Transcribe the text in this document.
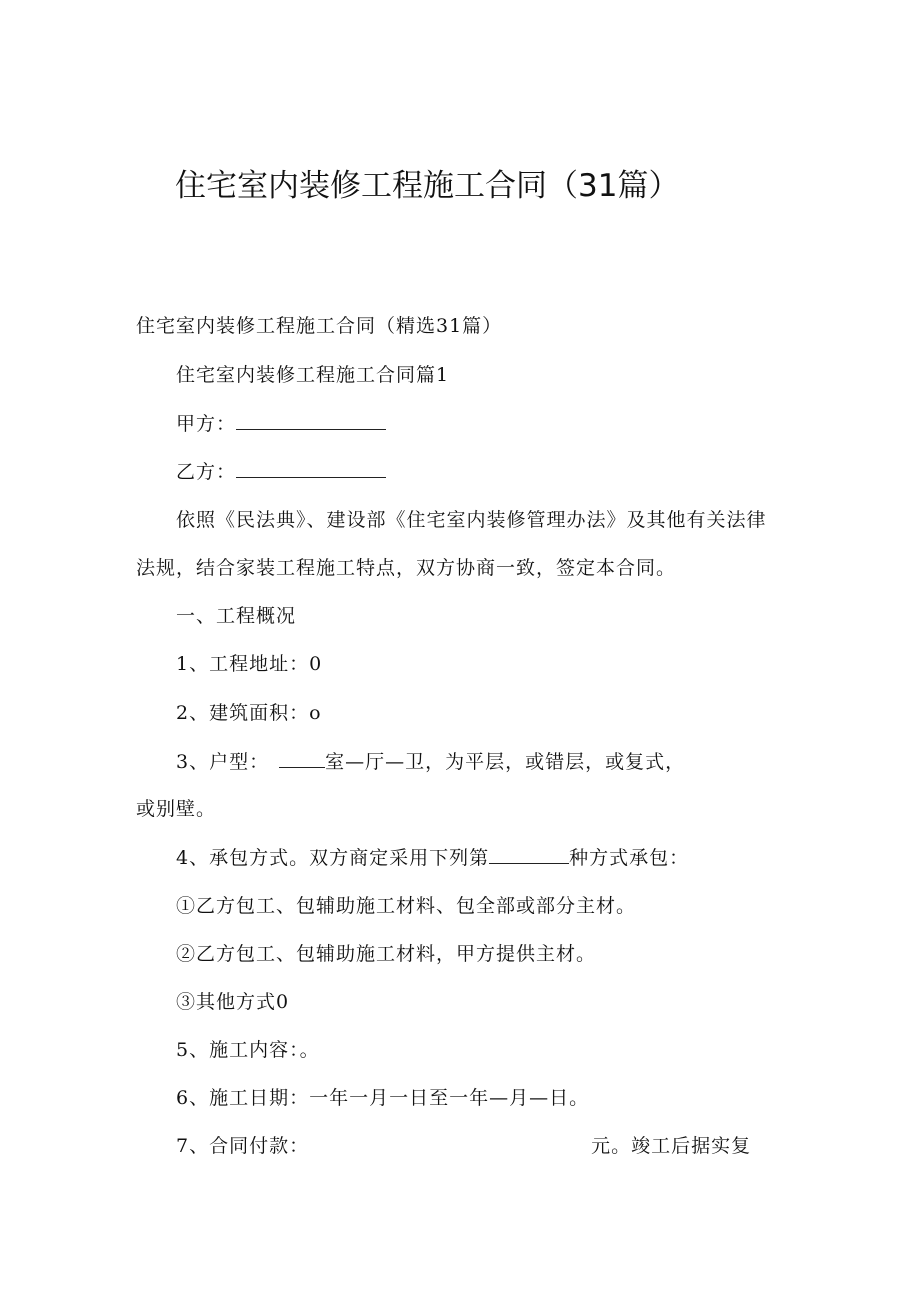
住宅室内装修工程施工合同（31篇）
住宅室内装修工程施工合同（精选31篇）
住宅室内装修工程施工合同篇1
甲方：
乙方：
依照《民法典》、建设部《住宅室内装修管理办法》及其他有关法律
法规，结合家装工程施工特点，双方协商一致，签定本合同。
一、工程概况
1、工程地址：0
2、建筑面积：o
3、户型：	室—厅—卫，为平层，或错层，或复式，
或别壁。
4、承包方式。双方商定采用下列第	种方式承包：
①乙方包工、包辅助施工材料、包全部或部分主材。
②乙方包工、包辅助施工材料，甲方提供主材。
③其他方式0
5、施工内容：。
6、施工日期：一年一月一日至一年—月—日。
7、合同付款：	元。竣工后据实复
